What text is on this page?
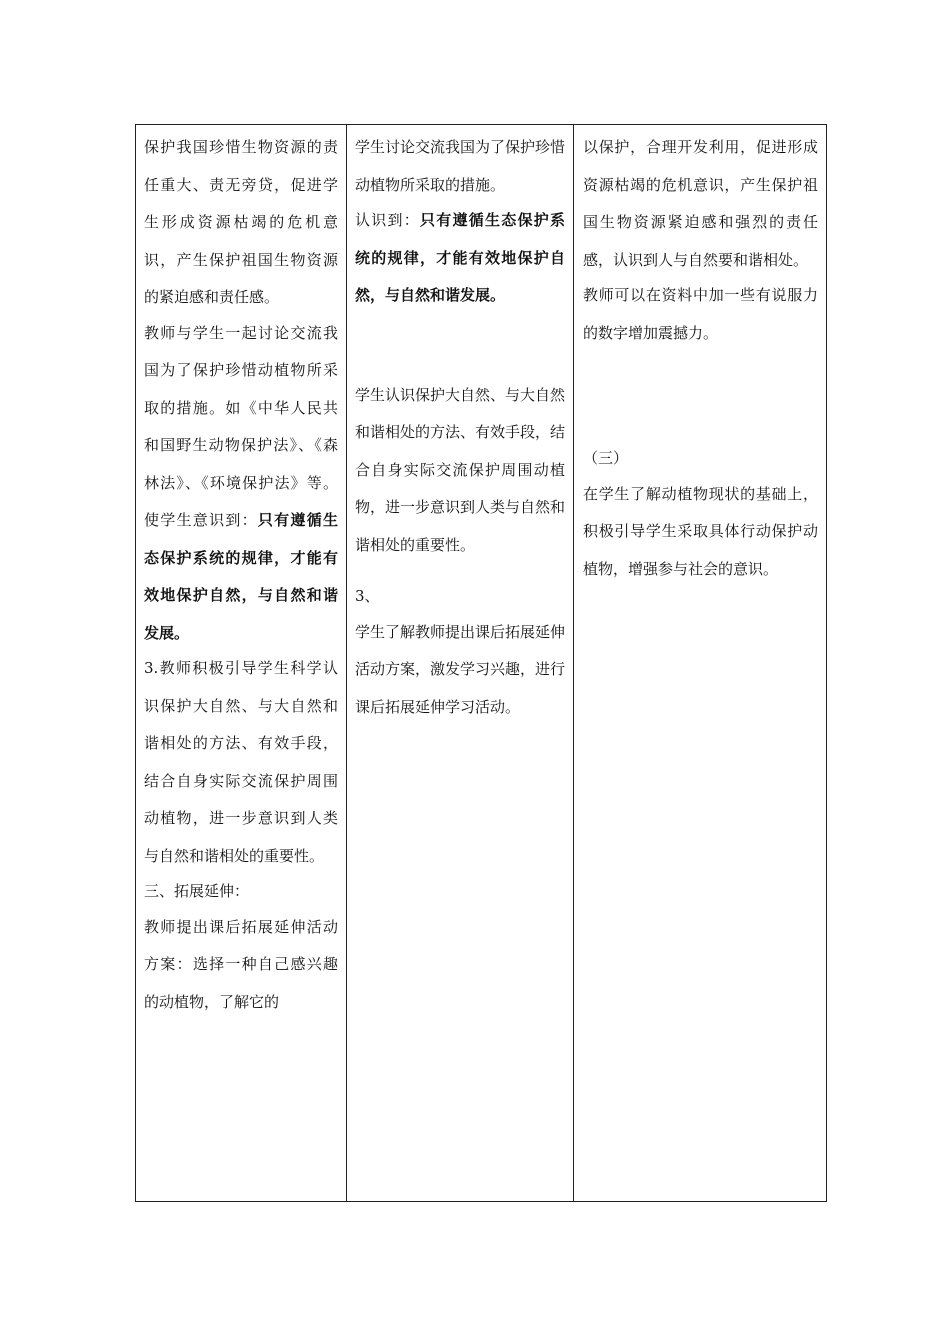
保护我国珍惜生物资源的责任重大、责无旁贷，促进学生形成资源枯竭的危机意识，产生保护祖国生物资源的紧迫感和责任感。

教师与学生一起讨论交流我国为了保护珍惜动植物所采取的措施。如《中华人民共和国野生动物保护法》、《森林法》、《环境保护法》等。使学生意识到：只有遵循生态保护系统的规律，才能有效地保护自然，与自然和谐发展。

3.教师积极引导学生科学认识保护大自然、与大自然和谐相处的方法、有效手段，结合自身实际交流保护周围动植物，进一步意识到人类与自然和谐相处的重要性。

三、拓展延伸：

教师提出课后拓展延伸活动方案：选择一种自己感兴趣的动植物，了解它的

学生讨论交流我国为了保护珍惜动植物所采取的措施。

认识到：只有遵循生态保护系统的规律，才能有效地保护自然，与自然和谐发展。

学生认识保护大自然、与大自然和谐相处的方法、有效手段，结合自身实际交流保护周围动植物，进一步意识到人类与自然和谐相处的重要性。

3、

学生了解教师提出课后拓展延伸活动方案，激发学习兴趣，进行课后拓展延伸学习活动。

以保护，合理开发利用，促进形成资源枯竭的危机意识，产生保护祖国生物资源紧迫感和强烈的责任感，认识到人与自然要和谐相处。

教师可以在资料中加一些有说服力的数字增加震撼力。

（三）

在学生了解动植物现状的基础上，积极引导学生采取具体行动保护动植物，增强参与社会的意识。
